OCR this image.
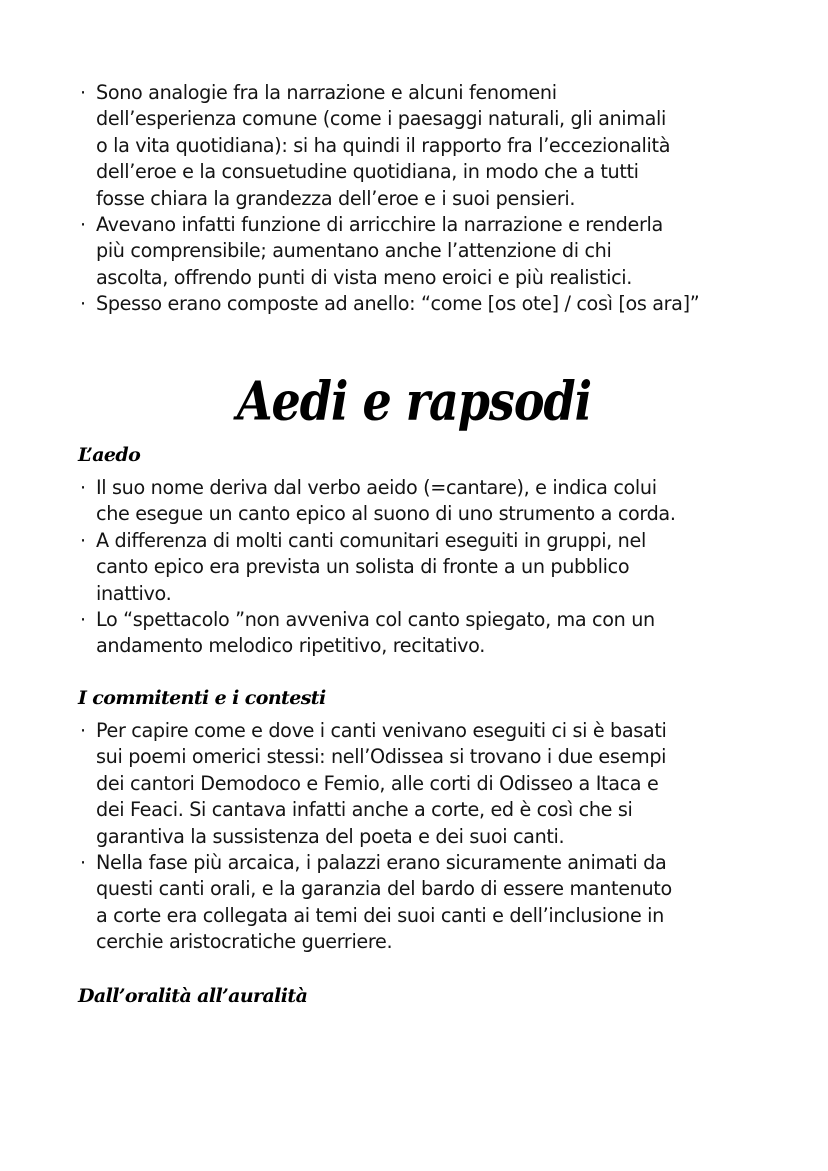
· Sono analogie fra la narrazione e alcuni fenomeni
dell’esperienza comune (come i paesaggi naturali, gli animali
o la vita quotidiana): si ha quindi il rapporto fra l’eccezionalità
dell’eroe e la consuetudine quotidiana, in modo che a tutti
fosse chiara la grandezza dell’eroe e i suoi pensieri.
· Avevano infatti funzione di arricchire la narrazione e renderla
più comprensibile; aumentano anche l’attenzione di chi
ascolta, offrendo punti di vista meno eroici e più realistici.
· Spesso erano composte ad anello: “come [os ote] / così [os ara]”
Aedi e rapsodi
L’aedo
· Il suo nome deriva dal verbo aeido (=cantare), e indica colui
che esegue un canto epico al suono di uno strumento a corda.
· A differenza di molti canti comunitari eseguiti in gruppi, nel
canto epico era prevista un solista di fronte a un pubblico
inattivo.
· Lo “spettacolo ”non avveniva col canto spiegato, ma con un
andamento melodico ripetitivo, recitativo.
I commitenti e i contesti
· Per capire come e dove i canti venivano eseguiti ci si è basati
sui poemi omerici stessi: nell’Odissea si trovano i due esempi
dei cantori Demodoco e Femio, alle corti di Odisseo a Itaca e
dei Feaci. Si cantava infatti anche a corte, ed è così che si
garantiva la sussistenza del poeta e dei suoi canti.
· Nella fase più arcaica, i palazzi erano sicuramente animati da
questi canti orali, e la garanzia del bardo di essere mantenuto
a corte era collegata ai temi dei suoi canti e dell’inclusione in
cerchie aristocratiche guerriere.
Dall’oralità all’auralità
